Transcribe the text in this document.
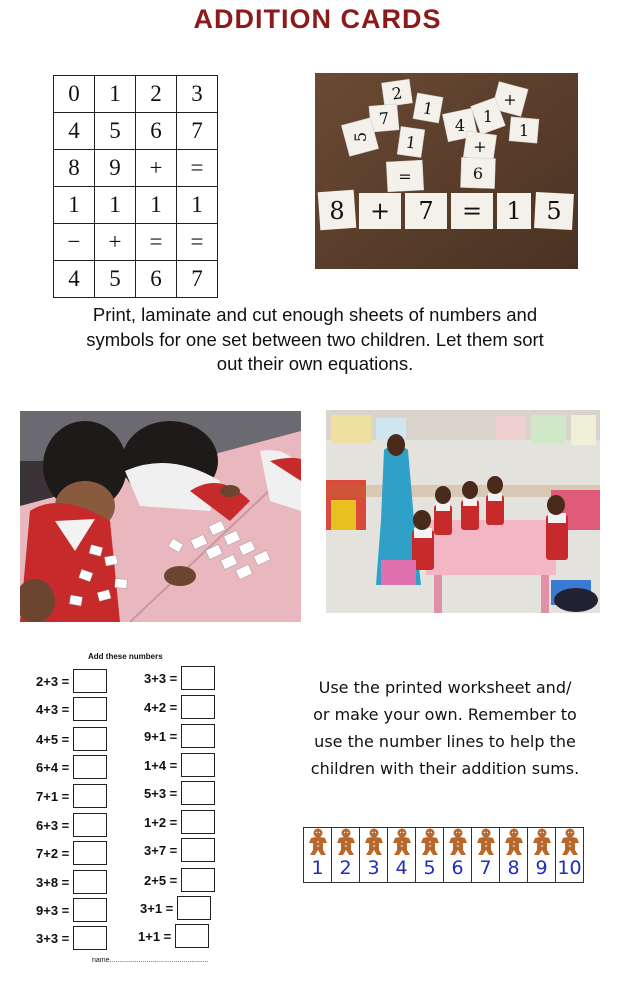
ADDITION CARDS
0	1	2	3
4	5	6	7
8	9	+	=
1	1	1	1
−	+	=	=
4	5	6	7
2
1
7
5 1
4
+
1
1
+
=	6
8 + 7 = 1 5
Print, laminate and cut enough sheets of numbers and
symbols for one set between two children. Let them sort
out their own equations.
Add these numbers
2+3 =
4+3 =
4+5 =
6+4 =
7+1 =
6+3 =
7+2 =
3+8 =
9+3 =
3+3 =
3+3 =
4+2 =
9+1 =
1+4 =
5+3 =
1+2 =
3+7 =
2+5 =
3+1 =
1+1 =
name...................................................
Use the printed worksheet and/
or make your own. Remember to
use the number lines to help the
children with their addition sums.
1 2 3 4 5 6 7 8 9 10
